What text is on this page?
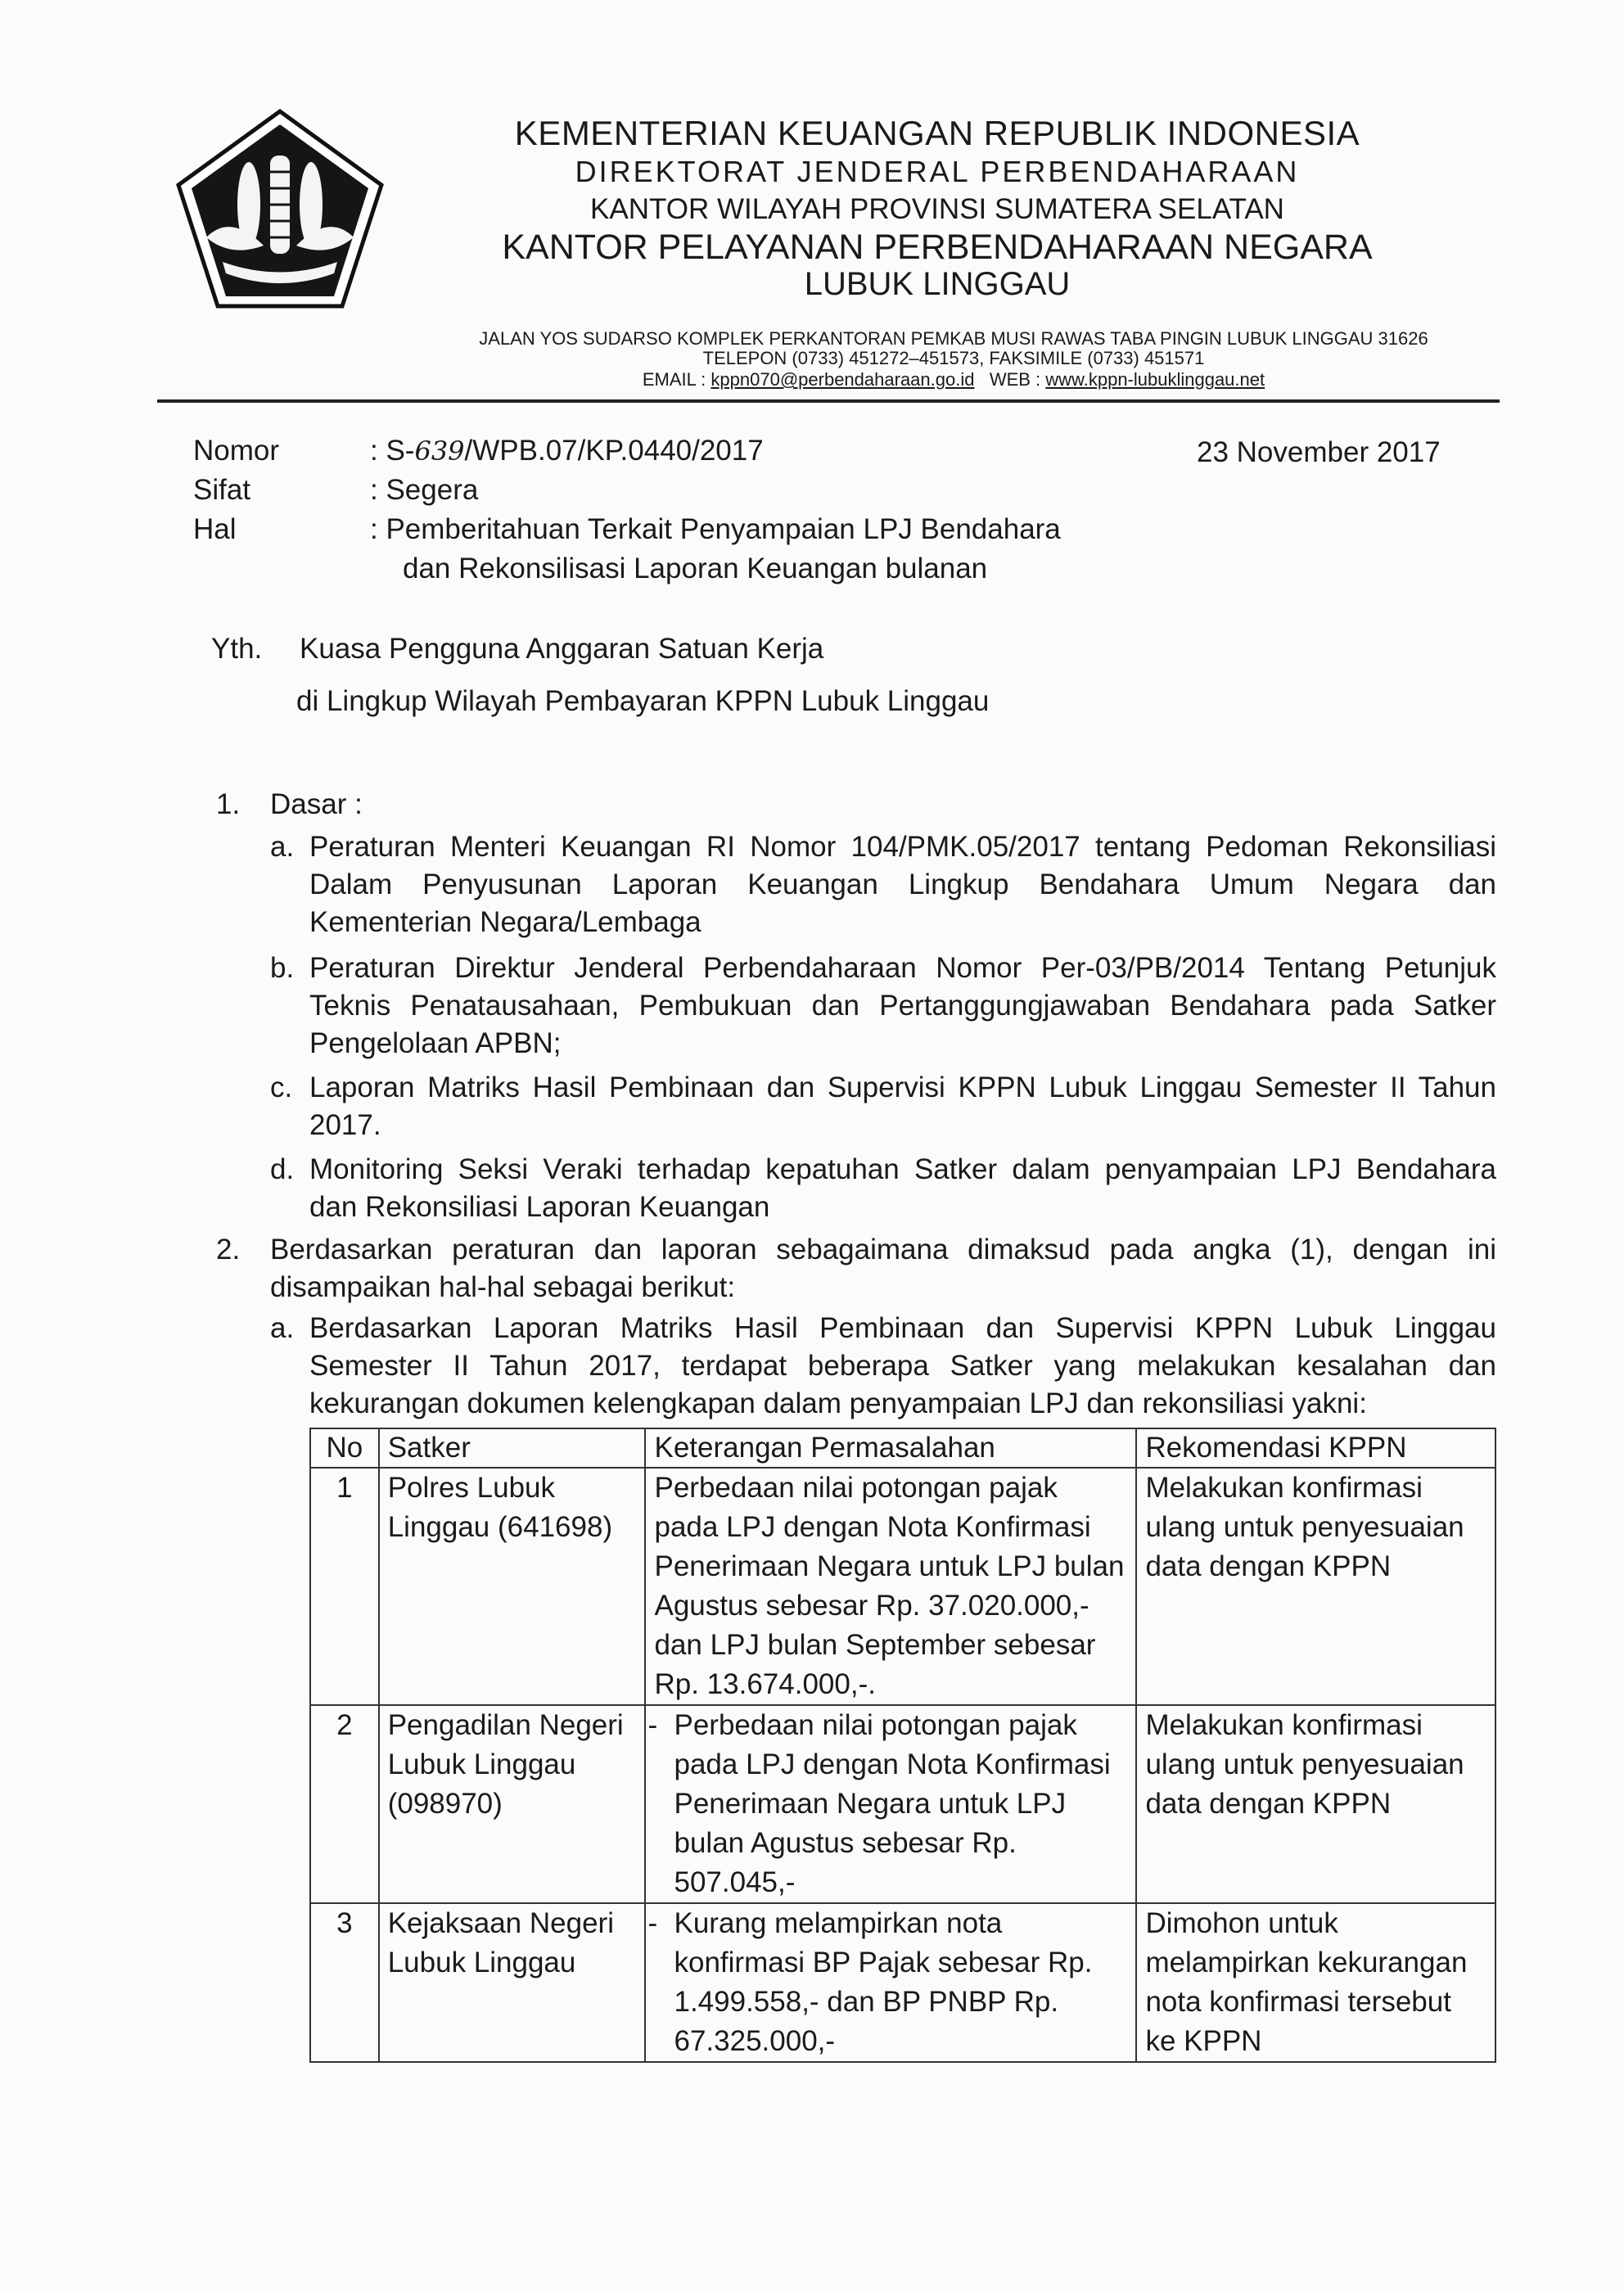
KEMENTERIAN KEUANGAN REPUBLIK INDONESIA
DIREKTORAT JENDERAL PERBENDAHARAAN
KANTOR WILAYAH PROVINSI SUMATERA SELATAN
KANTOR PELAYANAN PERBENDAHARAAN NEGARA
LUBUK LINGGAU
JALAN YOS SUDARSO KOMPLEK PERKANTORAN PEMKAB MUSI RAWAS TABA PINGIN LUBUK LINGGAU 31626
TELEPON (0733) 451272–451573, FAKSIMILE (0733) 451571
EMAIL : kppn070@perbendaharaan.go.id WEB : www.kppn-lubuklinggau.net
Nomor	: S-639/WPB.07/KP.0440/2017	23 November 2017
Sifat	: Segera
Hal	: Pemberitahuan Terkait Penyampaian LPJ Bendahara
dan Rekonsilisasi Laporan Keuangan bulanan
Yth. Kuasa Pengguna Anggaran Satuan Kerja
di Lingkup Wilayah Pembayaran KPPN Lubuk Linggau
1. Dasar :
a. Peraturan Menteri Keuangan RI Nomor 104/PMK.05/2017 tentang Pedoman Rekonsiliasi
Dalam Penyusunan Laporan Keuangan Lingkup Bendahara Umum Negara dan
Kementerian Negara/Lembaga
b. Peraturan Direktur Jenderal Perbendaharaan Nomor Per-03/PB/2014 Tentang Petunjuk
Teknis Penatausahaan, Pembukuan dan Pertanggungjawaban Bendahara pada Satker
Pengelolaan APBN;
c. Laporan Matriks Hasil Pembinaan dan Supervisi KPPN Lubuk Linggau Semester II Tahun
2017.
d. Monitoring Seksi Veraki terhadap kepatuhan Satker dalam penyampaian LPJ Bendahara
dan Rekonsiliasi Laporan Keuangan
2. Berdasarkan peraturan dan laporan sebagaimana dimaksud pada angka (1), dengan ini
disampaikan hal-hal sebagai berikut:
a. Berdasarkan Laporan Matriks Hasil Pembinaan dan Supervisi KPPN Lubuk Linggau
Semester II Tahun 2017, terdapat beberapa Satker yang melakukan kesalahan dan
kekurangan dokumen kelengkapan dalam penyampaian LPJ dan rekonsiliasi yakni:
No	Satker	Keterangan Permasalahan	Rekomendasi KPPN
1	Polres Lubuk Linggau (641698)	Perbedaan nilai potongan pajak pada LPJ dengan Nota Konfirmasi Penerimaan Negara untuk LPJ bulan Agustus sebesar Rp. 37.020.000,- dan LPJ bulan September sebesar Rp. 13.674.000,-.	Melakukan konfirmasi ulang untuk penyesuaian data dengan KPPN
2	Pengadilan Negeri Lubuk Linggau (098970)	- Perbedaan nilai potongan pajak pada LPJ dengan Nota Konfirmasi Penerimaan Negara untuk LPJ bulan Agustus sebesar Rp. 507.045,-	Melakukan konfirmasi ulang untuk penyesuaian data dengan KPPN
3	Kejaksaan Negeri Lubuk Linggau	- Kurang melampirkan nota konfirmasi BP Pajak sebesar Rp. 1.499.558,- dan BP PNBP Rp. 67.325.000,-	Dimohon untuk melampirkan kekurangan nota konfirmasi tersebut ke KPPN
